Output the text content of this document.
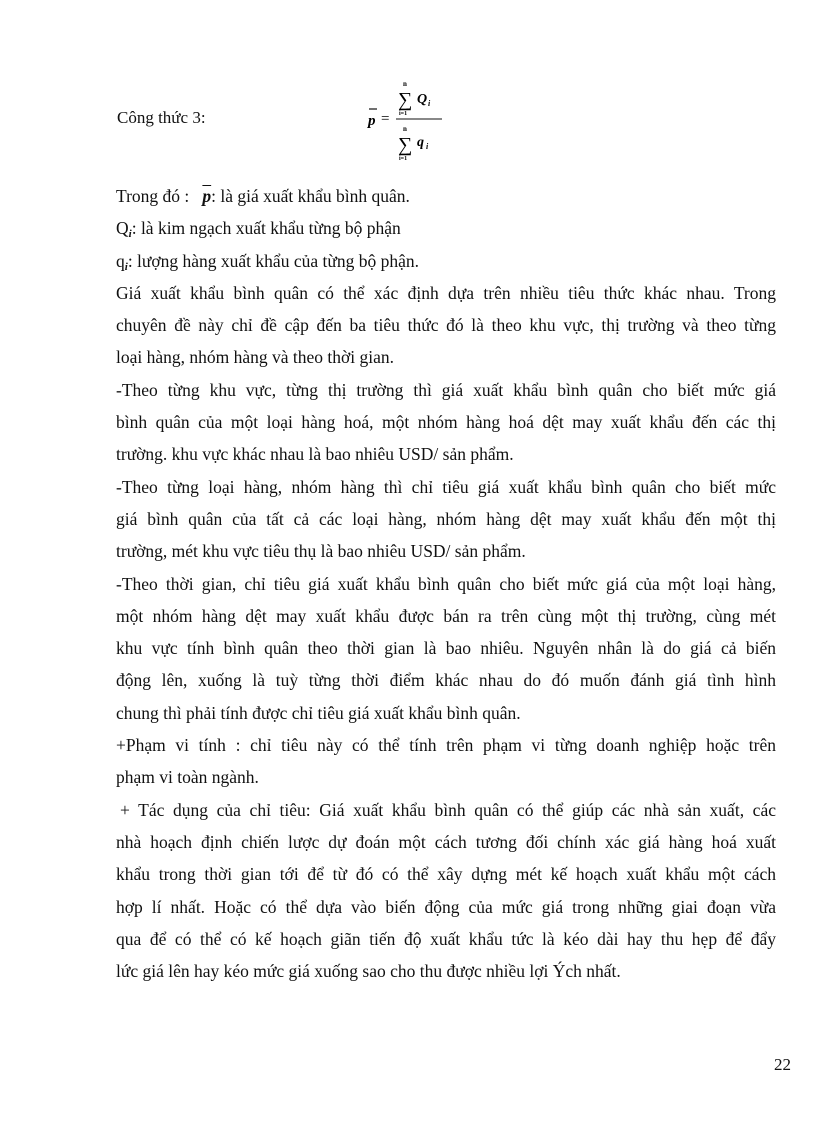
Công thức 3:	p =
n
∑
i=1
Q i
n
∑
i=1
q i
Trong đó : $\overline{p}$: là giá xuất khẩu bình quân.
$Q_i$: là kim ngạch xuất khẩu từng bộ phận
$q_i$: lượng hàng xuất khẩu của từng bộ phận.
Giá xuất khẩu bình quân có thể xác định dựa trên nhiều tiêu thức khác nhau. Trong
chuyên đề này chỉ đề cập đến ba tiêu thức đó là theo khu vực, thị trường và theo từng
loại hàng, nhóm hàng và theo thời gian.
-Theo từng khu vực, từng thị trường thì giá xuất khẩu bình quân cho biết mức giá
bình quân của một loại hàng hoá, một nhóm hàng hoá dệt may xuất khẩu đến các thị
trường. khu vực khác nhau là bao nhiêu USD/ sản phẩm.
-Theo từng loại hàng, nhóm hàng thì chỉ tiêu giá xuất khẩu bình quân cho biết mức
giá bình quân của tất cả các loại hàng, nhóm hàng dệt may xuất khẩu đến một thị
trường, mét khu vực tiêu thụ là bao nhiêu USD/ sản phẩm.
-Theo thời gian, chỉ tiêu giá xuất khẩu bình quân cho biết mức giá của một loại hàng,
một nhóm hàng dệt may xuất khẩu được bán ra trên cùng một thị trường, cùng mét
khu vực tính bình quân theo thời gian là bao nhiêu. Nguyên nhân là do giá cả biến
động lên, xuống là tuỳ từng thời điểm khác nhau do đó muốn đánh giá tình hình
chung thì phải tính được chỉ tiêu giá xuất khẩu bình quân.
+Phạm vi tính : chỉ tiêu này có thể tính trên phạm vi từng doanh nghiệp hoặc trên
phạm vi toàn ngành.
+ Tác dụng của chỉ tiêu: Giá xuất khẩu bình quân có thể giúp các nhà sản xuất, các
nhà hoạch định chiến lược dự đoán một cách tương đối chính xác giá hàng hoá xuất
khẩu trong thời gian tới để từ đó có thể xây dựng mét kế hoạch xuất khẩu một cách
hợp lí nhất. Hoặc có thể dựa vào biến động của mức giá trong những giai đoạn vừa
qua để có thể có kế hoạch giãn tiến độ xuất khẩu tức là kéo dài hay thu hẹp để đẩy
lức giá lên hay kéo mức giá xuống sao cho thu được nhiều lợi Ých nhất.
22
